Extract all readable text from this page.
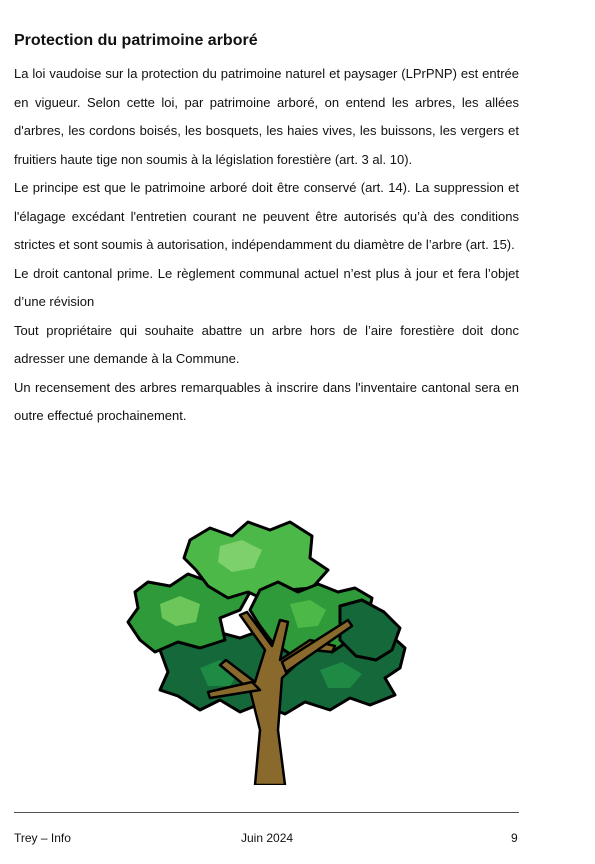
Protection du patrimoine arboré

La loi vaudoise sur la protection du patrimoine naturel et paysager (LPrPNP) est entrée en vigueur. Selon cette loi, par patrimoine arboré, on entend les arbres, les allées d'arbres, les cordons boisés, les bosquets, les haies vives, les buissons, les vergers et fruitiers haute tige non soumis à la législation forestière (art. 3 al. 10).

Le principe est que le patrimoine arboré doit être conservé (art. 14). La suppression et l'élagage excédant l'entretien courant ne peuvent être autorisés qu’à des conditions strictes et sont soumis à autorisation, indépendamment du diamètre de l’arbre (art. 15).

Le droit cantonal prime. Le règlement communal actuel n’est plus à jour et fera l’objet d’une révision

Tout propriétaire qui souhaite abattre un arbre hors de l’aire forestière doit donc adresser une demande à la Commune.

Un recensement des arbres remarquables à inscrire dans l'inventaire cantonal sera en outre effectué prochainement.

Trey – Info	Juin 2024	9
